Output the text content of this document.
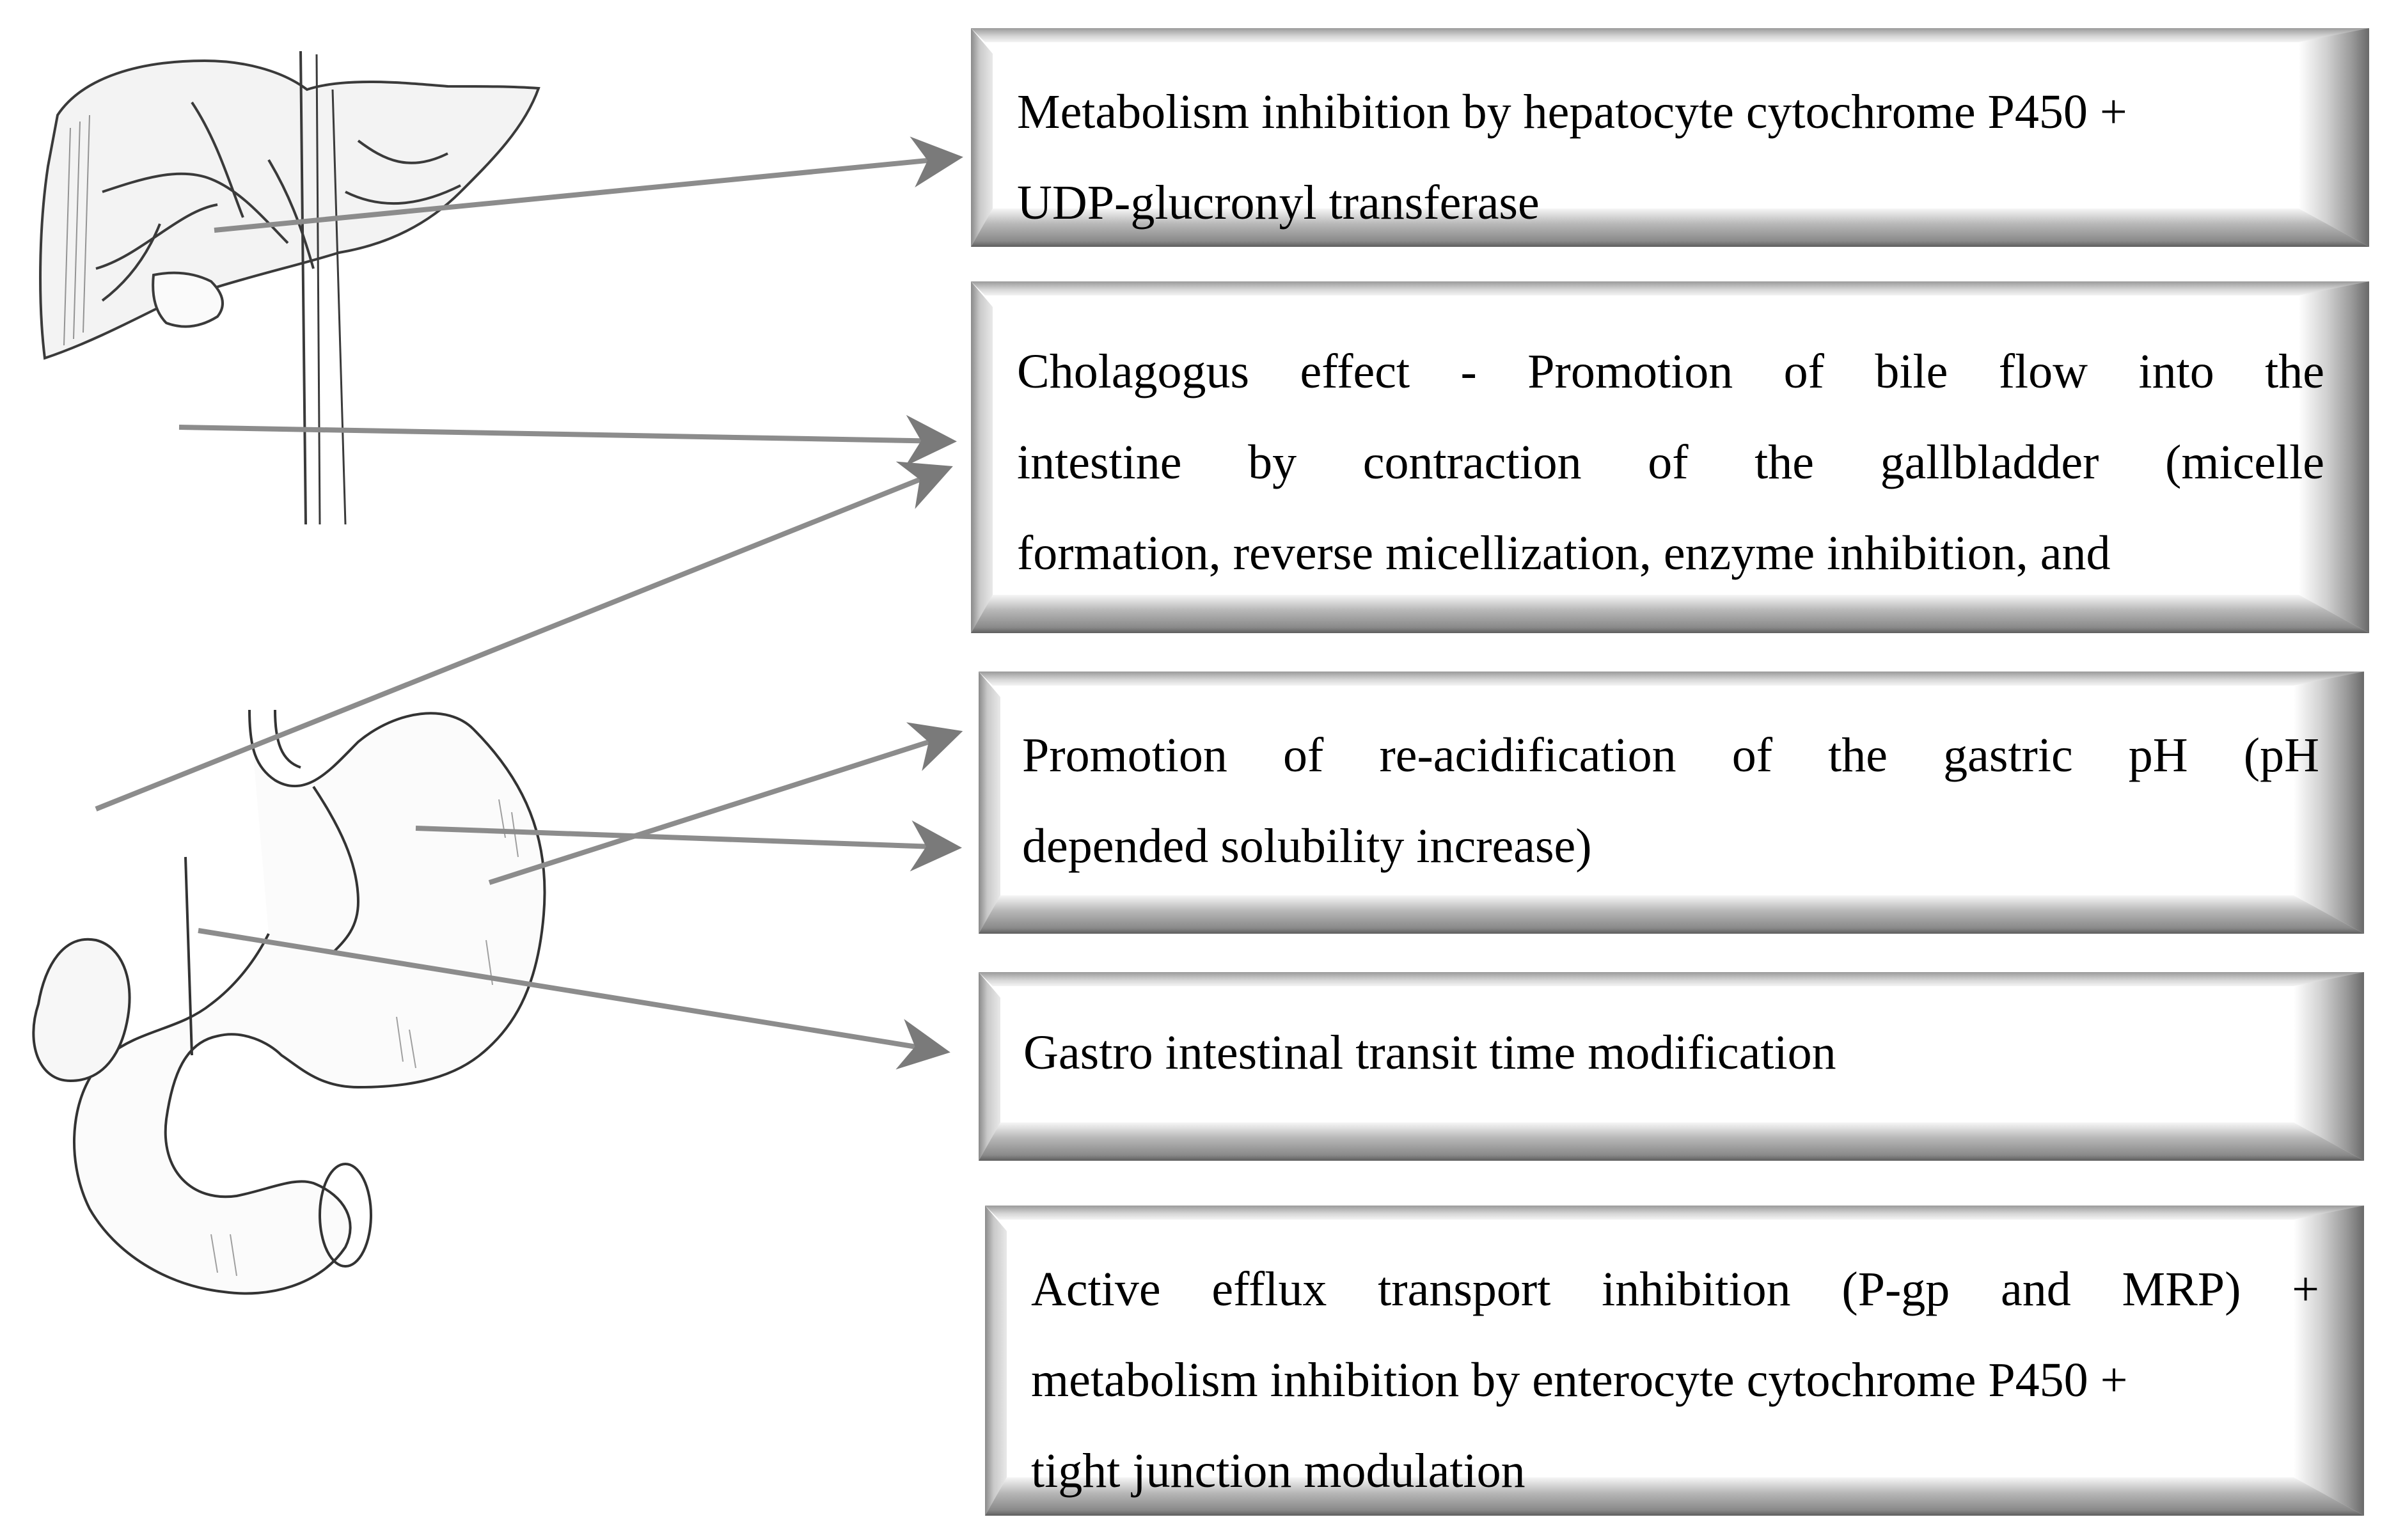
Metabolism inhibition by hepatocyte cytochrome P450 +
UDP-glucronyl transferase
Cholagogus effect - Promotion of bile flow into the
intestine by contraction of the gallbladder (micelle
formation, reverse micellization, enzyme inhibition, and
Promotion of re-acidification of the gastric pH (pH
depended solubility increase)
Gastro intestinal transit time modification
Active efflux transport inhibition (P-gp and MRP) +
metabolism inhibition by enterocyte cytochrome P450 +
tight junction modulation
